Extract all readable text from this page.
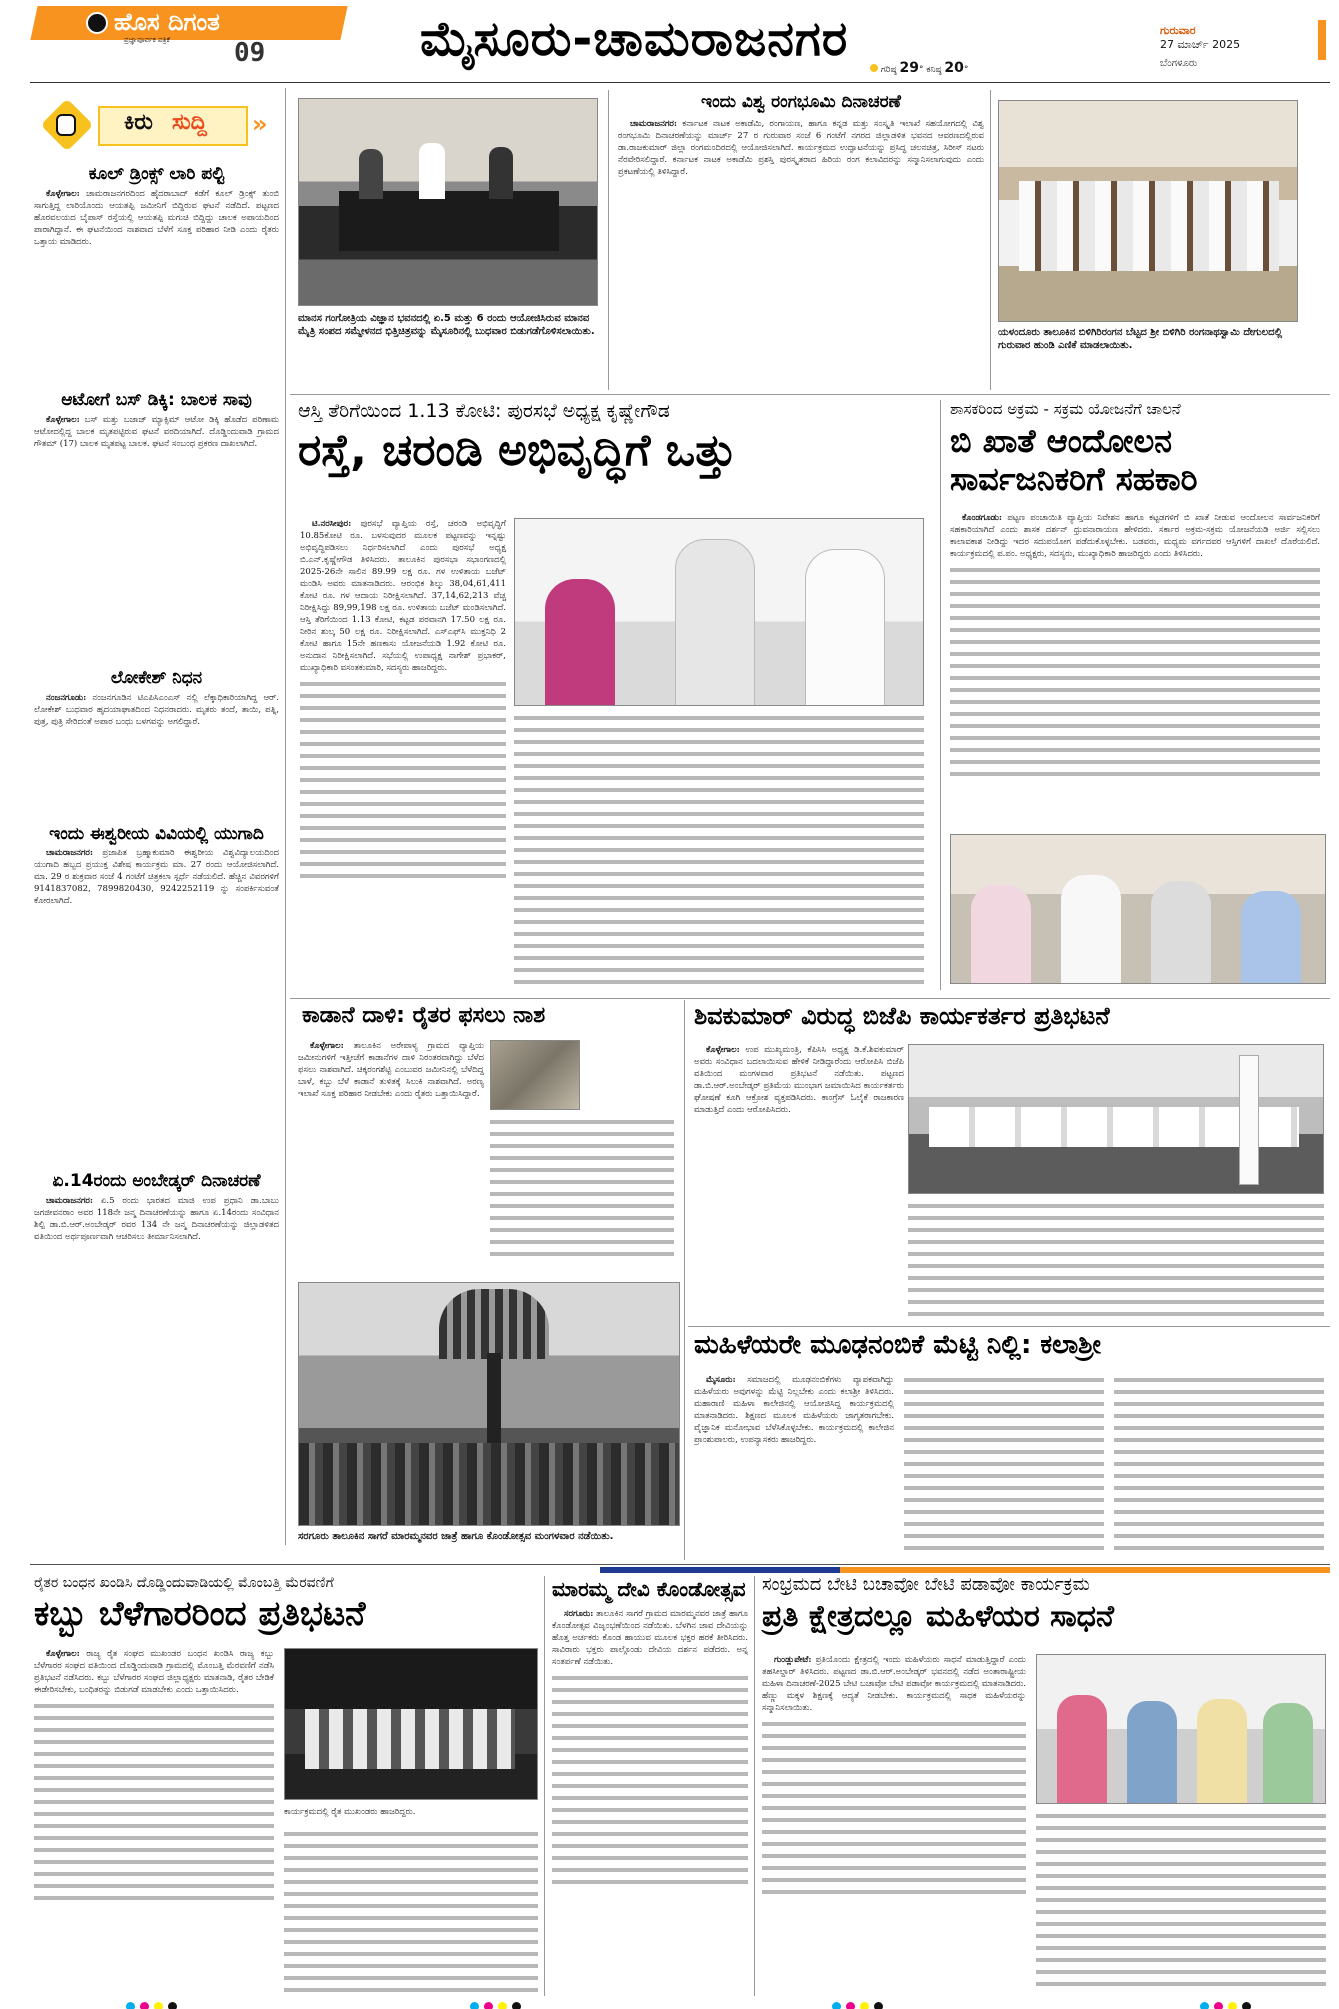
ಹೊಸ ದಿಗಂತ
ಪ್ರಜ್ಞಾಪೂರ್ವಕ ಪತ್ರಿಕೆ 09	ಮೈಸೂರು-ಚಾಮರಾಜನಗರ
ಗರಿಷ್ಠ 29° ಕನಿಷ್ಠ 20°
ಗುರುವಾರ
27 ಮಾರ್ಚ್ 2025
ಬೆಂಗಳೂರು
ಕಿರು ಸುದ್ದಿ »
ಕೂಲ್ ಡ್ರಿಂಕ್ಸ್ ಲಾರಿ ಪಲ್ಟಿ

ಕೊಳ್ಳೇಗಾಲ: ಚಾಮರಾಜನಗರದಿಂದ ಹೈದರಾಬಾದ್ ಕಡೆಗೆ ಕೂಲ್ ಡ್ರಿಂಕ್ಸ್ ತುಂಬಿ ಸಾಗುತ್ತಿದ್ದ ಲಾರಿಯೊಂದು ಆಯತಪ್ಪಿ ಜಮೀನಿಗೆ ಬಿದ್ದಿರುವ ಘಟನೆ ನಡೆದಿದೆ. ಪಟ್ಟಣದ ಹೊರವಲಯದ ಬೈಪಾಸ್ ರಸ್ತೆಯಲ್ಲಿ ಆಯತಪ್ಪಿ ಮಗುಚಿ ಬಿದ್ದಿದ್ದು ಚಾಲಕ ಅಪಾಯದಿಂದ ಪಾರಾಗಿದ್ದಾನೆ. ಈ ಘಟನೆಯಿಂದ ನಾಶವಾದ ಬೆಳೆಗೆ ಸೂಕ್ತ ಪರಿಹಾರ ನೀಡಿ ಎಂದು ರೈತರು ಒತ್ತಾಯ ಮಾಡಿದರು.

ಆಟೋಗೆ ಬಸ್ ಡಿಕ್ಕಿ: ಬಾಲಕ ಸಾವು

ಕೊಳ್ಳೇಗಾಲ: ಬಸ್ ಮತ್ತು ಬಜಾಜ್ ಮ್ಯಾಕ್ಸಿಮ್ ಆಟೋ ಡಿಕ್ಕಿ ಹೊಡೆದ ಪರಿಣಾಮ ಆಟೋದಲ್ಲಿದ್ದ ಬಾಲಕ ಮೃತಪಟ್ಟಿರುವ ಘಟನೆ ವರದಿಯಾಗಿದೆ. ದೊಡ್ಡಿಂದುವಾಡಿ ಗ್ರಾಮದ ಗೌತಮ್ (17) ಬಾಲಕ ಮೃತಪಟ್ಟ ಬಾಲಕ. ಘಟನೆ ಸಂಬಂಧ ಪ್ರಕರಣ ದಾಖಲಾಗಿದೆ.

ಲೋಕೇಶ್ ನಿಧನ

ನಂಜನಗೂಡು: ನಂಜನಗೂಡಿನ ಟಿಎಪಿಸಿಎಂಎಸ್ ನಲ್ಲಿ ಲೆಕ್ಕಾಧಿಕಾರಿಯಾಗಿದ್ದ ಆರ್. ಲೋಕೇಶ್ ಬುಧವಾರ ಹೃದಯಾಘಾತದಿಂದ ನಿಧನರಾದರು. ಮೃತರು ತಂದೆ, ತಾಯಿ, ಪತ್ನಿ, ಪುತ್ರ, ಪುತ್ರಿ ಸೇರಿದಂತೆ ಅಪಾರ ಬಂಧು ಬಳಗವನ್ನು ಅಗಲಿದ್ದಾರೆ.

ಇಂದು ಈಶ್ವರೀಯ ವಿವಿಯಲ್ಲಿ ಯುಗಾದಿ

ಚಾಮರಾಜನಗರ: ಪ್ರಜಾಪಿತ ಬ್ರಹ್ಮಾಕುಮಾರಿ ಈಶ್ವರೀಯ ವಿಶ್ವವಿದ್ಯಾಲಯದಿಂದ ಯುಗಾದಿ ಹಬ್ಬದ ಪ್ರಯುಕ್ತ ವಿಶೇಷ ಕಾರ್ಯಕ್ರಮ ಮಾ. 27 ರಂದು ಆಯೋಜಿಸಲಾಗಿದೆ. ಮಾ. 29 ರ ಶುಕ್ರವಾರ ಸಂಜೆ 4 ಗಂಟೆಗೆ ಚಿತ್ರಕಲಾ ಸ್ಪರ್ಧೆ ನಡೆಯಲಿದೆ. ಹೆಚ್ಚಿನ ವಿವರಗಳಿಗೆ 9141837082, 7899820430, 9242252119 ನ್ನು ಸಂಪರ್ಕಿಸುವಂತೆ ಕೋರಲಾಗಿದೆ.

ಏ.14ರಂದು ಅಂಬೇಡ್ಕರ್ ದಿನಾಚರಣೆ

ಚಾಮರಾಜನಗರ: ಏ.5 ರಂದು ಭಾರತದ ಮಾಜಿ ಉಪ ಪ್ರಧಾನಿ ಡಾ.ಬಾಬು ಜಗಜೀವನರಾಂ ಅವರ 118ನೇ ಜನ್ಮ ದಿನಾಚರಣೆಯನ್ನು ಹಾಗೂ ಏ.14ರಂದು ಸಂವಿಧಾನ ಶಿಲ್ಪಿ ಡಾ.ಬಿ.ಆರ್.ಅಂಬೇಡ್ಕರ್ ರವರ 134 ನೇ ಜನ್ಮ ದಿನಾಚರಣೆಯನ್ನು ಜಿಲ್ಲಾಡಳಿತದ ವತಿಯಿಂದ ಅರ್ಥಪೂರ್ಣವಾಗಿ ಆಚರಿಸಲು ತೀರ್ಮಾನಿಸಲಾಗಿದೆ.

ಮಾನಸ ಗಂಗೋತ್ರಿಯ ವಿಜ್ಞಾನ ಭವನದಲ್ಲಿ ಏ.5 ಮತ್ತು 6 ರಂದು ಆಯೋಜಿಸಿರುವ ಮಾನವ ಮೈತ್ರಿ ಸಂಪದ ಸಮ್ಮೇಳನದ ಭಿತ್ತಿಚಿತ್ರವನ್ನು ಮೈಸೂರಿನಲ್ಲಿ ಬುಧವಾರ ಬಿಡುಗಡೆಗೊಳಿಸಲಾಯಿತು.
ಇಂದು ವಿಶ್ವ ರಂಗಭೂಮಿ ದಿನಾಚರಣೆ

ಚಾಮರಾಜನಗರ: ಕರ್ನಾಟಕ ನಾಟಕ ಅಕಾಡೆಮಿ, ರಂಗಾಯಣ, ಹಾಗೂ ಕನ್ನಡ ಮತ್ತು ಸಂಸ್ಕೃತಿ ಇಲಾಖೆ ಸಹಯೋಗದಲ್ಲಿ ವಿಶ್ವ ರಂಗಭೂಮಿ ದಿನಾಚರಣೆಯನ್ನು ಮಾರ್ಚ್ 27 ರ ಗುರುವಾರ ಸಂಜೆ 6 ಗಂಟೆಗೆ ನಗರದ ಜಿಲ್ಲಾಡಳಿತ ಭವನದ ಆವರಣದಲ್ಲಿರುವ ಡಾ.ರಾಜಕುಮಾರ್ ಜಿಲ್ಲಾ ರಂಗಮಂದಿರದಲ್ಲಿ ಆಯೋಜಿಸಲಾಗಿದೆ. ಕಾರ್ಯಕ್ರಮದ ಉದ್ಘಾಟನೆಯನ್ನು ಪ್ರಸಿದ್ಧ ಚಲನಚಿತ್ರ, ಸಿರೀಸ್ ನಟರು ನೆರವೇರಿಸಲಿದ್ದಾರೆ. ಕರ್ನಾಟಕ ನಾಟಕ ಅಕಾಡೆಮಿ ಪ್ರಶಸ್ತಿ ಪುರಸ್ಕೃತರಾದ ಹಿರಿಯ ರಂಗ ಕಲಾವಿದರನ್ನು ಸನ್ಮಾನಿಸಲಾಗುವುದು ಎಂದು ಪ್ರಕಟಣೆಯಲ್ಲಿ ತಿಳಿಸಿದ್ದಾರೆ.

ಯಳಂದೂರು ತಾಲೂಕಿನ ಬಿಳಿಗಿರಿರಂಗನ ಬೆಟ್ಟದ ಶ್ರೀ ಬಿಳಿಗಿರಿ ರಂಗನಾಥಸ್ವಾಮಿ ದೇಗುಲದಲ್ಲಿ ಗುರುವಾರ ಹುಂಡಿ ಎಣಿಕೆ ಮಾಡಲಾಯಿತು.
ಆಸ್ತಿ ತೆರಿಗೆಯಿಂದ 1.13 ಕೋಟಿ: ಪುರಸಭೆ ಅಧ್ಯಕ್ಷ ಕೃಷ್ಣೇಗೌಡ
ರಸ್ತೆ, ಚರಂಡಿ ಅಭಿವೃದ್ಧಿಗೆ ಒತ್ತು

ಟಿ.ನರಸೀಪುರ: ಪುರಸಭೆ ವ್ಯಾಪ್ತಿಯ ರಸ್ತೆ, ಚರಂಡಿ ಅಭಿವೃದ್ಧಿಗೆ 10.85ಕೋಟಿ ರೂ. ಬಳಸುವುದರ ಮೂಲಕ ಪಟ್ಟಣವನ್ನು ಇನ್ನಷ್ಟು ಅಭಿವೃದ್ಧಿಪಡಿಸಲು ನಿರ್ಧರಿಸಲಾಗಿದೆ ಎಂದು ಪುರಸಭೆ ಅಧ್ಯಕ್ಷ ಬಿ.ಎನ್.ಕೃಷ್ಣೇಗೌಡ ತಿಳಿಸಿದರು. ತಾಲೂಕಿನ ಪುರಸಭಾ ಸಭಾಂಗಣದಲ್ಲಿ 2025-26ನೇ ಸಾಲಿನ 89.99 ಲಕ್ಷ ರೂ. ಗಳ ಉಳಿತಾಯ ಬಜೆಟ್ ಮಂಡಿಸಿ ಅವರು ಮಾತನಾಡಿದರು. ಆರಂಭಿಕ ಶಿಲ್ಕು 38,04,61,411 ಕೋಟಿ ರೂ. ಗಳ ಆದಾಯ ನಿರೀಕ್ಷಿಸಲಾಗಿದೆ. 37,14,62,213 ವೆಚ್ಚ ನಿರೀಕ್ಷಿಸಿದ್ದು 89,99,198 ಲಕ್ಷ ರೂ. ಉಳಿತಾಯ ಬಜೆಟ್ ಮಂಡಿಸಲಾಗಿದೆ. ಆಸ್ತಿ ತೆರಿಗೆಯಿಂದ 1.13 ಕೋಟಿ, ಕಟ್ಟಡ ಪರವಾನಗಿ 17.50 ಲಕ್ಷ ರೂ. ನೀರಿನ ಶುಲ್ಕ 50 ಲಕ್ಷ ರೂ. ನಿರೀಕ್ಷಿಸಲಾಗಿದೆ. ಎಸ್ಎಫ್‌ಸಿ ಮುಕ್ತನಿಧಿ 2 ಕೋಟಿ ಹಾಗೂ 15ನೇ ಹಣಕಾಸು ಯೋಜನೆಯಡಿ 1.92 ಕೋಟಿ ರೂ. ಅನುದಾನ ನಿರೀಕ್ಷಿಸಲಾಗಿದೆ. ಸಭೆಯಲ್ಲಿ ಉಪಾಧ್ಯಕ್ಷ ನಾಗೇಶ್ ಪ್ರಭಾಕರ್, ಮುಖ್ಯಾಧಿಕಾರಿ ವಸಂತಕುಮಾರಿ, ಸದಸ್ಯರು ಹಾಜರಿದ್ದರು.

ಶಾಸಕರಿಂದ ಅಕ್ರಮ - ಸಕ್ರಮ ಯೋಜನೆಗೆ ಚಾಲನೆ
ಬಿ ಖಾತೆ ಆಂದೋಲನ ಸಾರ್ವಜನಿಕರಿಗೆ ಸಹಕಾರಿ

ಕೊಂಡಗೂಡು: ಪಟ್ಟಣ ಪಂಚಾಯಿತಿ ವ್ಯಾಪ್ತಿಯ ನಿವೇಶನ ಹಾಗೂ ಕಟ್ಟಡಗಳಿಗೆ ಬಿ ಖಾತೆ ನೀಡುವ ಆಂದೋಲನ ಸಾರ್ವಜನಿಕರಿಗೆ ಸಹಕಾರಿಯಾಗಿದೆ ಎಂದು ಶಾಸಕ ದರ್ಶನ್ ಧ್ರುವನಾರಾಯಣ ಹೇಳಿದರು. ಸರ್ಕಾರ ಅಕ್ರಮ-ಸಕ್ರಮ ಯೋಜನೆಯಡಿ ಅರ್ಜಿ ಸಲ್ಲಿಸಲು ಕಾಲಾವಕಾಶ ನೀಡಿದ್ದು ಇದರ ಸದುಪಯೋಗ ಪಡೆದುಕೊಳ್ಳಬೇಕು. ಬಡವರು, ಮಧ್ಯಮ ವರ್ಗದವರ ಆಸ್ತಿಗಳಿಗೆ ದಾಖಲೆ ದೊರೆಯಲಿದೆ. ಕಾರ್ಯಕ್ರಮದಲ್ಲಿ ಪ.ಪಂ. ಅಧ್ಯಕ್ಷರು, ಸದಸ್ಯರು, ಮುಖ್ಯಾಧಿಕಾರಿ ಹಾಜರಿದ್ದರು ಎಂದು ತಿಳಿಸಿದರು.

ಕಾಡಾನೆ ದಾಳಿ: ರೈತರ ಫಸಲು ನಾಶ

ಕೊಳ್ಳೇಗಾಲ: ತಾಲೂಕಿನ ಅರೇಪಾಳ್ಯ ಗ್ರಾಮದ ವ್ಯಾಪ್ತಿಯ ಜಮೀನುಗಳಿಗೆ ಇತ್ತೀಚೆಗೆ ಕಾಡಾನೆಗಳ ದಾಳಿ ನಿರಂತರವಾಗಿದ್ದು ಬೆಳೆದ ಫಸಲು ನಾಶವಾಗಿದೆ. ಚಿಕ್ಕರಂಗಶೆಟ್ಟಿ ಎಂಬುವರ ಜಮೀನಿನಲ್ಲಿ ಬೆಳೆದಿದ್ದ ಬಾಳೆ, ಕಬ್ಬು ಬೆಳೆ ಕಾಡಾನೆ ತುಳಿತಕ್ಕೆ ಸಿಲುಕಿ ನಾಶವಾಗಿದೆ. ಅರಣ್ಯ ಇಲಾಖೆ ಸೂಕ್ತ ಪರಿಹಾರ ನೀಡಬೇಕು ಎಂದು ರೈತರು ಒತ್ತಾಯಿಸಿದ್ದಾರೆ.

ಸರಗೂರು ತಾಲೂಕಿನ ಸಾಗರೆ ಮಾರಮ್ಮನವರ ಜಾತ್ರೆ ಹಾಗೂ ಕೊಂಡೋತ್ಸವ ಮಂಗಳವಾರ ನಡೆಯಿತು.
ಶಿವಕುಮಾರ್ ವಿರುದ್ಧ ಬಿಜೆಪಿ ಕಾರ್ಯಕರ್ತರ ಪ್ರತಿಭಟನೆ

ಕೊಳ್ಳೇಗಾಲ: ಉಪ ಮುಖ್ಯಮಂತ್ರಿ, ಕೆಪಿಸಿಸಿ ಅಧ್ಯಕ್ಷ ಡಿ.ಕೆ.ಶಿವಕುಮಾರ್ ಅವರು ಸಂವಿಧಾನ ಬದಲಾಯಿಸುವ ಹೇಳಿಕೆ ನೀಡಿದ್ದಾರೆಂದು ಆರೋಪಿಸಿ ಬಿಜೆಪಿ ವತಿಯಿಂದ ಮಂಗಳವಾರ ಪ್ರತಿಭಟನೆ ನಡೆಯಿತು. ಪಟ್ಟಣದ ಡಾ.ಬಿ.ಆರ್.ಅಂಬೇಡ್ಕರ್ ಪ್ರತಿಮೆಯ ಮುಂಭಾಗ ಜಮಾಯಿಸಿದ ಕಾರ್ಯಕರ್ತರು ಘೋಷಣೆ ಕೂಗಿ ಆಕ್ರೋಶ ವ್ಯಕ್ತಪಡಿಸಿದರು. ಕಾಂಗ್ರೆಸ್ ಓಲೈಕೆ ರಾಜಕಾರಣ ಮಾಡುತ್ತಿದೆ ಎಂದು ಆರೋಪಿಸಿದರು.

ಮಹಿಳೆಯರೇ ಮೂಢನಂಬಿಕೆ ಮೆಟ್ಟಿ ನಿಲ್ಲಿ: ಕಲಾಶ್ರೀ

ಮೈಸೂರು: ಸಮಾಜದಲ್ಲಿ ಮೂಢನಂಬಿಕೆಗಳು ವ್ಯಾಪಕವಾಗಿದ್ದು ಮಹಿಳೆಯರು ಅವುಗಳನ್ನು ಮೆಟ್ಟಿ ನಿಲ್ಲಬೇಕು ಎಂದು ಕಲಾಶ್ರೀ ತಿಳಿಸಿದರು. ಮಹಾರಾಣಿ ಮಹಿಳಾ ಕಾಲೇಜಿನಲ್ಲಿ ಆಯೋಜಿಸಿದ್ದ ಕಾರ್ಯಕ್ರಮದಲ್ಲಿ ಮಾತನಾಡಿದರು. ಶಿಕ್ಷಣದ ಮೂಲಕ ಮಹಿಳೆಯರು ಜಾಗೃತರಾಗಬೇಕು. ವೈಜ್ಞಾನಿಕ ಮನೋಭಾವ ಬೆಳೆಸಿಕೊಳ್ಳಬೇಕು. ಕಾರ್ಯಕ್ರಮದಲ್ಲಿ ಕಾಲೇಜಿನ ಪ್ರಾಂಶುಪಾಲರು, ಉಪನ್ಯಾಸಕರು ಹಾಜರಿದ್ದರು.

ರೈತರ ಬಂಧನ ಖಂಡಿಸಿ ದೊಡ್ಡಿಂದುವಾಡಿಯಲ್ಲಿ ಮೊಂಬತ್ತಿ ಮೆರವಣಿಗೆ
ಕಬ್ಬು ಬೆಳೆಗಾರರಿಂದ ಪ್ರತಿಭಟನೆ

ಕೊಳ್ಳೇಗಾಲ: ರಾಜ್ಯ ರೈತ ಸಂಘದ ಮುಖಂಡರ ಬಂಧನ ಖಂಡಿಸಿ ರಾಜ್ಯ ಕಬ್ಬು ಬೆಳೆಗಾರರ ಸಂಘದ ವತಿಯಿಂದ ದೊಡ್ಡಿಂದುವಾಡಿ ಗ್ರಾಮದಲ್ಲಿ ಮೊಂಬತ್ತಿ ಮೆರವಣಿಗೆ ನಡೆಸಿ ಪ್ರತಿಭಟನೆ ನಡೆಸಿದರು. ಕಬ್ಬು ಬೆಳೆಗಾರರ ಸಂಘದ ಜಿಲ್ಲಾಧ್ಯಕ್ಷರು ಮಾತನಾಡಿ, ರೈತರ ಬೇಡಿಕೆ ಈಡೇರಿಸಬೇಕು, ಬಂಧಿತರನ್ನು ಬಿಡುಗಡೆ ಮಾಡಬೇಕು ಎಂದು ಒತ್ತಾಯಿಸಿದರು.

ಕಾರ್ಯಕ್ರಮದಲ್ಲಿ ರೈತ ಮುಖಂಡರು ಹಾಜರಿದ್ದರು.
ಮಾರಮ್ಮ ದೇವಿ ಕೊಂಡೋತ್ಸವ

ಸರಗೂರು: ತಾಲೂಕಿನ ಸಾಗರೆ ಗ್ರಾಮದ ಮಾರಮ್ಮನವರ ಜಾತ್ರೆ ಹಾಗೂ ಕೊಂಡೋತ್ಸವ ವಿಜೃಂಭಣೆಯಿಂದ ನಡೆಯಿತು. ಬೆಳಗಿನ ಜಾವ ದೇವಿಯನ್ನು ಹೊತ್ತ ಅರ್ಚಕರು ಕೊಂಡ ಹಾಯುವ ಮೂಲಕ ಭಕ್ತರ ಹರಕೆ ತೀರಿಸಿದರು. ಸಾವಿರಾರು ಭಕ್ತರು ಪಾಲ್ಗೊಂಡು ದೇವಿಯ ದರ್ಶನ ಪಡೆದರು. ಅನ್ನ ಸಂತರ್ಪಣೆ ನಡೆಯಿತು.

ಸಂಭ್ರಮದ ಬೇಟಿ ಬಚಾವೋ ಬೇಟಿ ಪಡಾವೋ ಕಾರ್ಯಕ್ರಮ
ಪ್ರತಿ ಕ್ಷೇತ್ರದಲ್ಲೂ ಮಹಿಳೆಯರ ಸಾಧನೆ

ಗುಂಡ್ಲುಪೇಟೆ: ಪ್ರತಿಯೊಂದು ಕ್ಷೇತ್ರದಲ್ಲಿ ಇಂದು ಮಹಿಳೆಯರು ಸಾಧನೆ ಮಾಡುತ್ತಿದ್ದಾರೆ ಎಂದು ತಹಸೀಲ್ದಾರ್ ತಿಳಿಸಿದರು. ಪಟ್ಟಣದ ಡಾ.ಬಿ.ಆರ್.ಅಂಬೇಡ್ಕರ್ ಭವನದಲ್ಲಿ ನಡೆದ ಅಂತಾರಾಷ್ಟ್ರೀಯ ಮಹಿಳಾ ದಿನಾಚರಣೆ-2025 ಬೇಟಿ ಬಚಾವೋ ಬೇಟಿ ಪಡಾವೋ ಕಾರ್ಯಕ್ರಮದಲ್ಲಿ ಮಾತನಾಡಿದರು. ಹೆಣ್ಣು ಮಕ್ಕಳ ಶಿಕ್ಷಣಕ್ಕೆ ಆದ್ಯತೆ ನೀಡಬೇಕು. ಕಾರ್ಯಕ್ರಮದಲ್ಲಿ ಸಾಧಕ ಮಹಿಳೆಯರನ್ನು ಸನ್ಮಾನಿಸಲಾಯಿತು.
